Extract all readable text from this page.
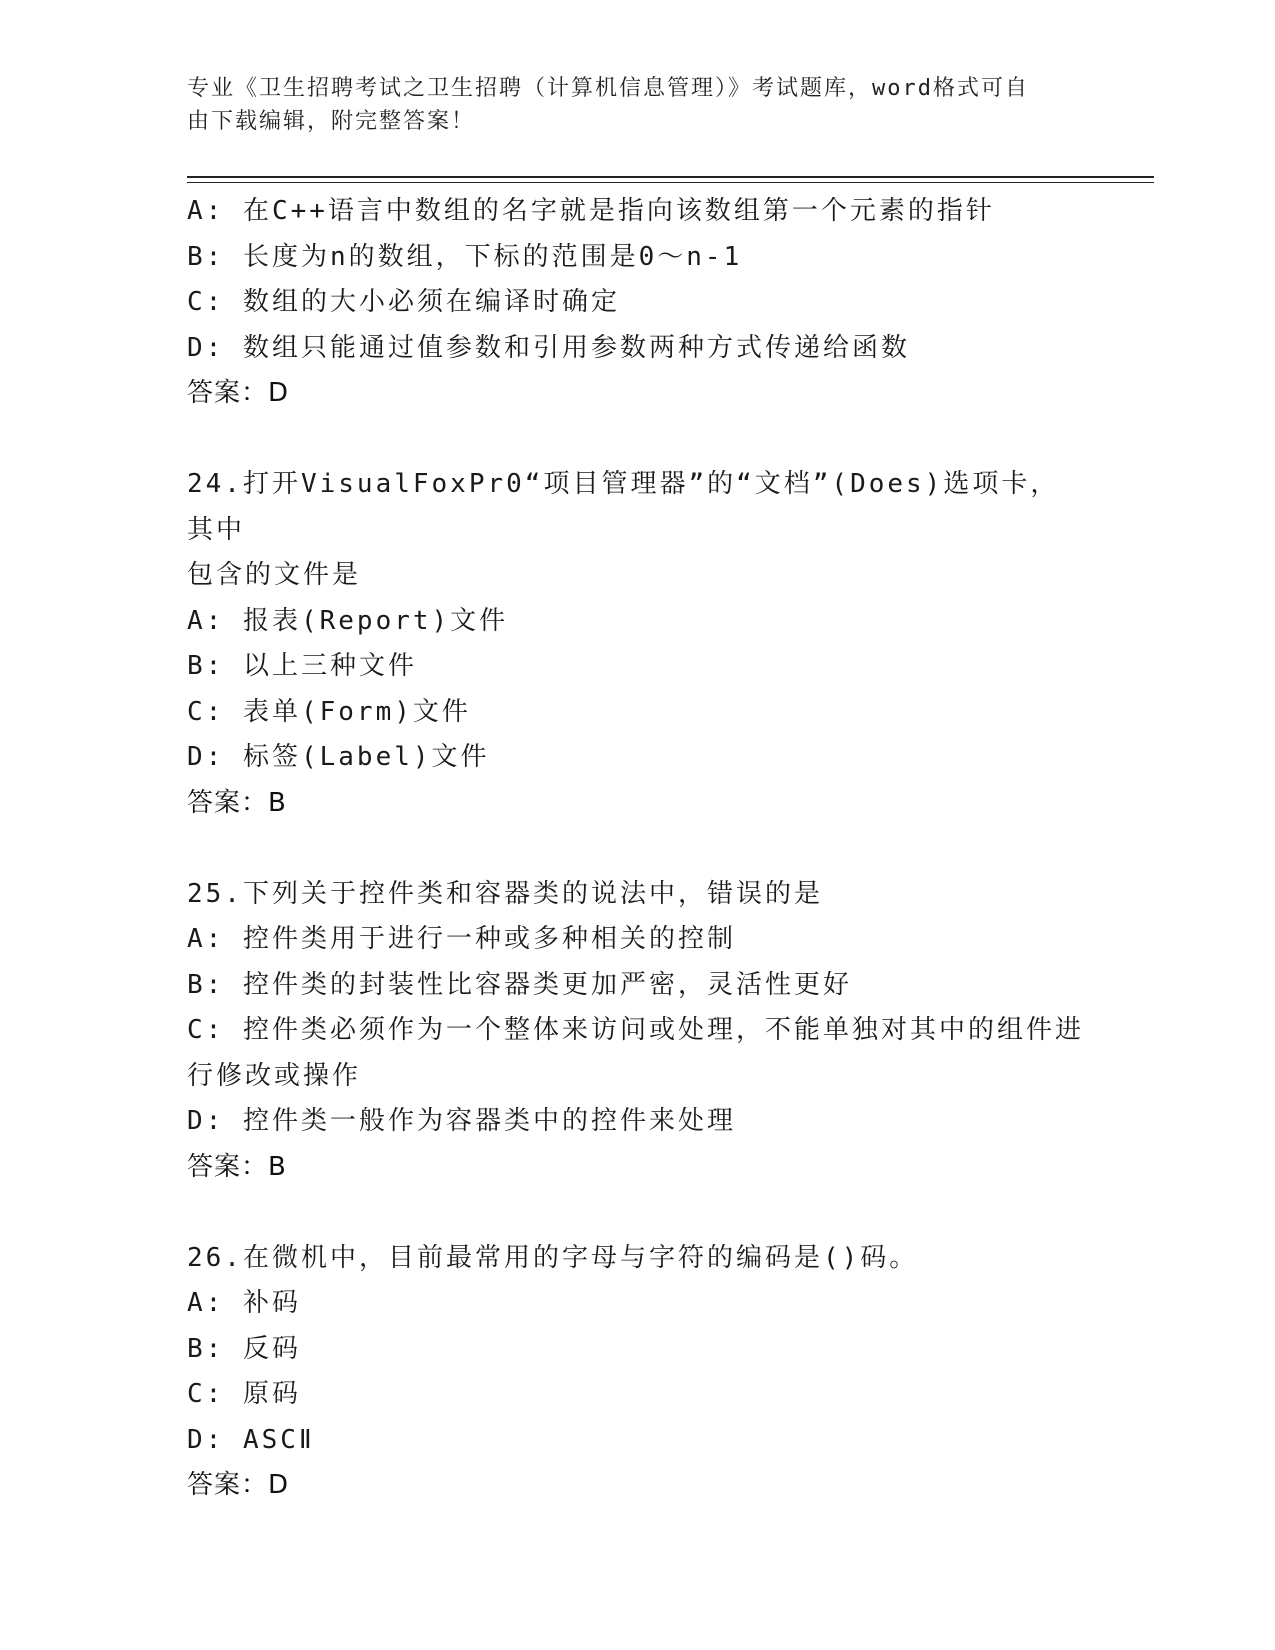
专业《卫生招聘考试之卫生招聘（计算机信息管理）》考试题库，word格式可自
由下载编辑，附完整答案！
A: 在C++语言中数组的名字就是指向该数组第一个元素的指针
B: 长度为n的数组，下标的范围是0～n-1
C: 数组的大小必须在编译时确定
D: 数组只能通过值参数和引用参数两种方式传递给函数
答案：D
24.打开VisualFoxPr0“项目管理器”的“文档”(Does)选项卡，其中
包含的文件是
A: 报表(Report)文件
B: 以上三种文件
C: 表单(Form)文件
D: 标签(Label)文件
答案：B
25.下列关于控件类和容器类的说法中，错误的是
A: 控件类用于进行一种或多种相关的控制
B: 控件类的封装性比容器类更加严密，灵活性更好
C: 控件类必须作为一个整体来访问或处理，不能单独对其中的组件进
行修改或操作
D: 控件类一般作为容器类中的控件来处理
答案：B
26.在微机中，目前最常用的字母与字符的编码是()码。
A: 补码
B: 反码
C: 原码
D: ASCⅡ
答案：D
